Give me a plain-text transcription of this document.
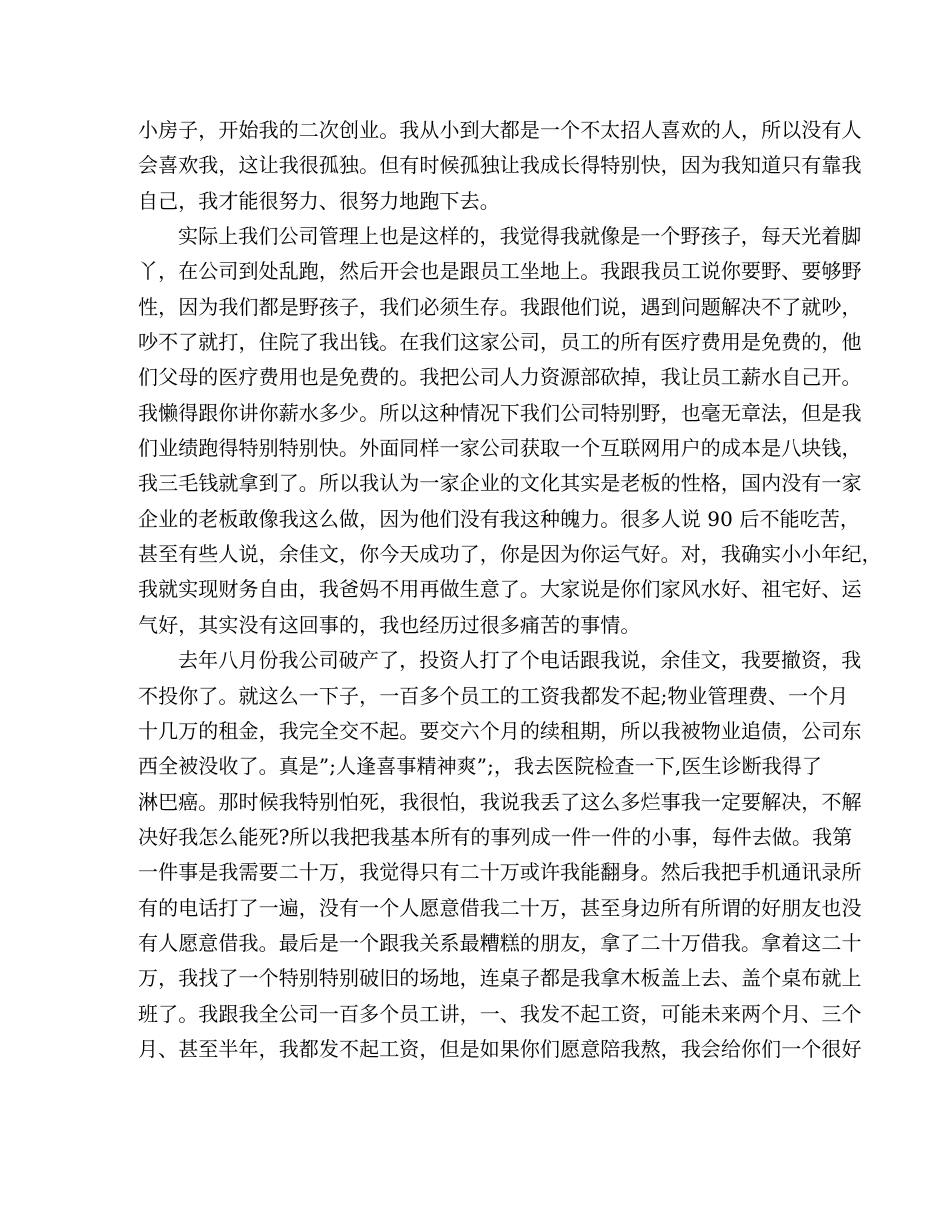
小房子，开始我的二次创业。我从小到大都是一个不太招人喜欢的人，所以没有人
会喜欢我，这让我很孤独。但有时候孤独让我成长得特别快，因为我知道只有靠我
自己，我才能很努力、很努力地跑下去。
实际上我们公司管理上也是这样的，我觉得我就像是一个野孩子，每天光着脚
丫，在公司到处乱跑，然后开会也是跟员工坐地上。我跟我员工说你要野、要够野
性，因为我们都是野孩子，我们必须生存。我跟他们说，遇到问题解决不了就吵，
吵不了就打，住院了我出钱。在我们这家公司，员工的所有医疗费用是免费的，他
们父母的医疗费用也是免费的。我把公司人力资源部砍掉，我让员工薪水自己开。
我懒得跟你讲你薪水多少。所以这种情况下我们公司特别野，也毫无章法，但是我
们业绩跑得特别特别快。外面同样一家公司获取一个互联网用户的成本是八块钱，
我三毛钱就拿到了。所以我认为一家企业的文化其实是老板的性格，国内没有一家
企业的老板敢像我这么做，因为他们没有我这种魄力。很多人说 90 后不能吃苦，
甚至有些人说，余佳文，你今天成功了，你是因为你运气好。对，我确实小小年纪，
我就实现财务自由，我爸妈不用再做生意了。大家说是你们家风水好、祖宅好、运
气好，其实没有这回事的，我也经历过很多痛苦的事情。
去年八月份我公司破产了，投资人打了个电话跟我说，余佳文，我要撤资，我
不投你了。就这么一下子，一百多个员工的工资我都发不起;物业管理费、一个月
十几万的租金，我完全交不起。要交六个月的续租期，所以我被物业追债，公司东
西全被没收了。真是”;人逢喜事精神爽”;，我去医院检查一下,医生诊断我得了
淋巴癌。那时候我特别怕死，我很怕，我说我丢了这么多烂事我一定要解决，不解
决好我怎么能死?所以我把我基本所有的事列成一件一件的小事，每件去做。我第
一件事是我需要二十万，我觉得只有二十万或许我能翻身。然后我把手机通讯录所
有的电话打了一遍，没有一个人愿意借我二十万，甚至身边所有所谓的好朋友也没
有人愿意借我。最后是一个跟我关系最糟糕的朋友，拿了二十万借我。拿着这二十
万，我找了一个特别特别破旧的场地，连桌子都是我拿木板盖上去、盖个桌布就上
班了。我跟我全公司一百多个员工讲，一、我发不起工资，可能未来两个月、三个
月、甚至半年，我都发不起工资，但是如果你们愿意陪我熬，我会给你们一个很好
